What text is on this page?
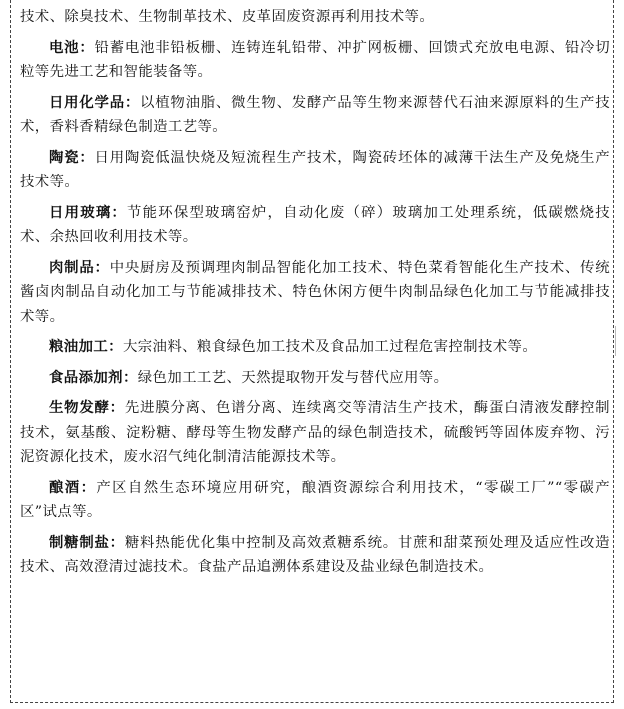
技术、除臭技术、生物制革技术、皮革固废资源再利用技术等。

电池：铅蓄电池非铅板栅、连铸连轧铅带、冲扩网板栅、回馈式充放电电源、铅冷切粒等先进工艺和智能装备等。

日用化学品：以植物油脂、微生物、发酵产品等生物来源替代石油来源原料的生产技术，香料香精绿色制造工艺等。

陶瓷：日用陶瓷低温快烧及短流程生产技术，陶瓷砖坯体的减薄干法生产及免烧生产技术等。

日用玻璃：节能环保型玻璃窑炉，自动化废（碎）玻璃加工处理系统，低碳燃烧技术、余热回收利用技术等。

肉制品：中央厨房及预调理肉制品智能化加工技术、特色菜肴智能化生产技术、传统酱卤肉制品自动化加工与节能减排技术、特色休闲方便牛肉制品绿色化加工与节能减排技术等。

粮油加工：大宗油料、粮食绿色加工技术及食品加工过程危害控制技术等。

食品添加剂：绿色加工工艺、天然提取物开发与替代应用等。

生物发酵：先进膜分离、色谱分离、连续离交等清洁生产技术，酶蛋白清液发酵控制技术，氨基酸、淀粉糖、酵母等生物发酵产品的绿色制造技术，硫酸钙等固体废弃物、污泥资源化技术，废水沼气纯化制清洁能源技术等。

酿酒：产区自然生态环境应用研究，酿酒资源综合利用技术，“零碳工厂”“零碳产区”试点等。

制糖制盐：糖料热能优化集中控制及高效煮糖系统。甘蔗和甜菜预处理及适应性改造技术、高效澄清过滤技术。食盐产品追溯体系建设及盐业绿色制造技术。
